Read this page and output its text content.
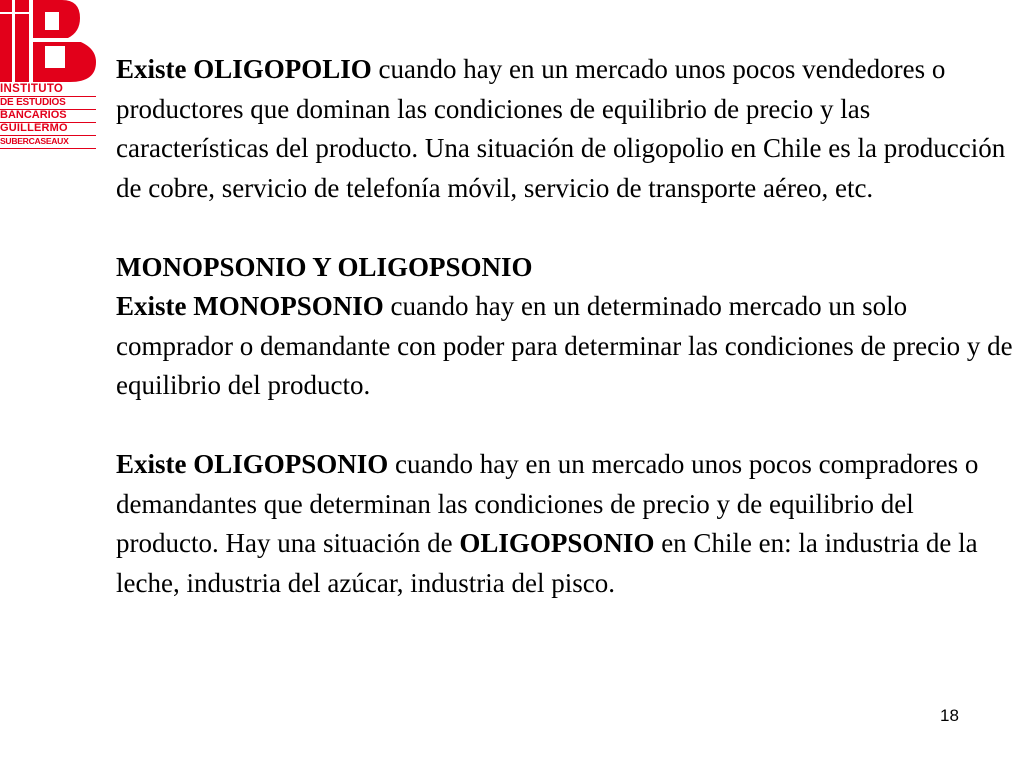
INSTITUTO
DE ESTUDIOS
BANCARIOS
GUILLERMO
SUBERCASEAUX

Existe OLIGOPOLIO cuando hay en un mercado unos pocos vendedores o productores que dominan las condiciones de equilibrio de precio y las características del producto. Una situación de oligopolio en Chile es la producción de cobre, servicio de telefonía móvil, servicio de transporte aéreo, etc.

MONOPSONIO Y OLIGOPSONIO

Existe MONOPSONIO cuando hay en un determinado mercado un solo comprador o demandante con poder para determinar las condiciones de precio y de equilibrio del producto.

Existe OLIGOPSONIO cuando hay en un mercado unos pocos compradores o demandantes que determinan las condiciones de precio y de equilibrio del producto. Hay una situación de OLIGOPSONIO en Chile en: la industria de la leche, industria del azúcar, industria del pisco.

18
